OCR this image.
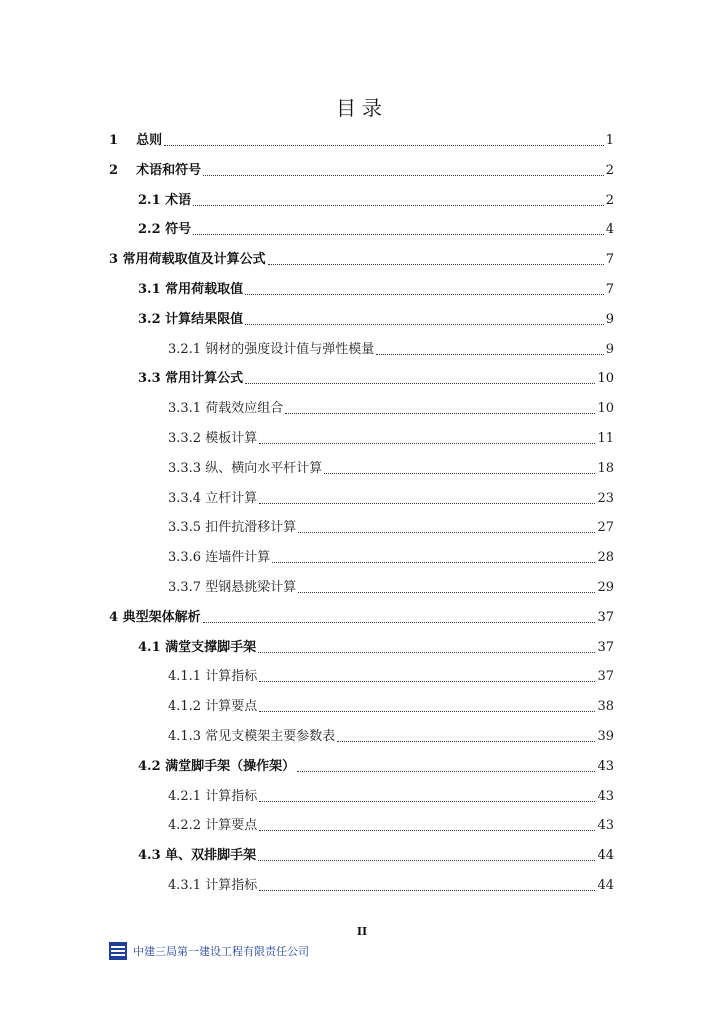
目录
1 总则	1
2 术语和符号	2
2.1 术语	2
2.2 符号	4
3 常用荷载取值及计算公式	7
3.1 常用荷载取值	7
3.2 计算结果限值	9
3.2.1 钢材的强度设计值与弹性模量	9
3.3 常用计算公式	10
3.3.1 荷载效应组合	10
3.3.2 模板计算	11
3.3.3 纵、横向水平杆计算	18
3.3.4 立杆计算	23
3.3.5 扣件抗滑移计算	27
3.3.6 连墙件计算	28
3.3.7 型钢悬挑梁计算	29
4 典型架体解析	37
4.1 满堂支撑脚手架	37
4.1.1 计算指标	37
4.1.2 计算要点	38
4.1.3 常见支模架主要参数表	39
4.2 满堂脚手架（操作架）	43
4.2.1 计算指标	43
4.2.2 计算要点	43
4.3 单、双排脚手架	44
4.3.1 计算指标	44
II
中建三局第一建设工程有限责任公司
